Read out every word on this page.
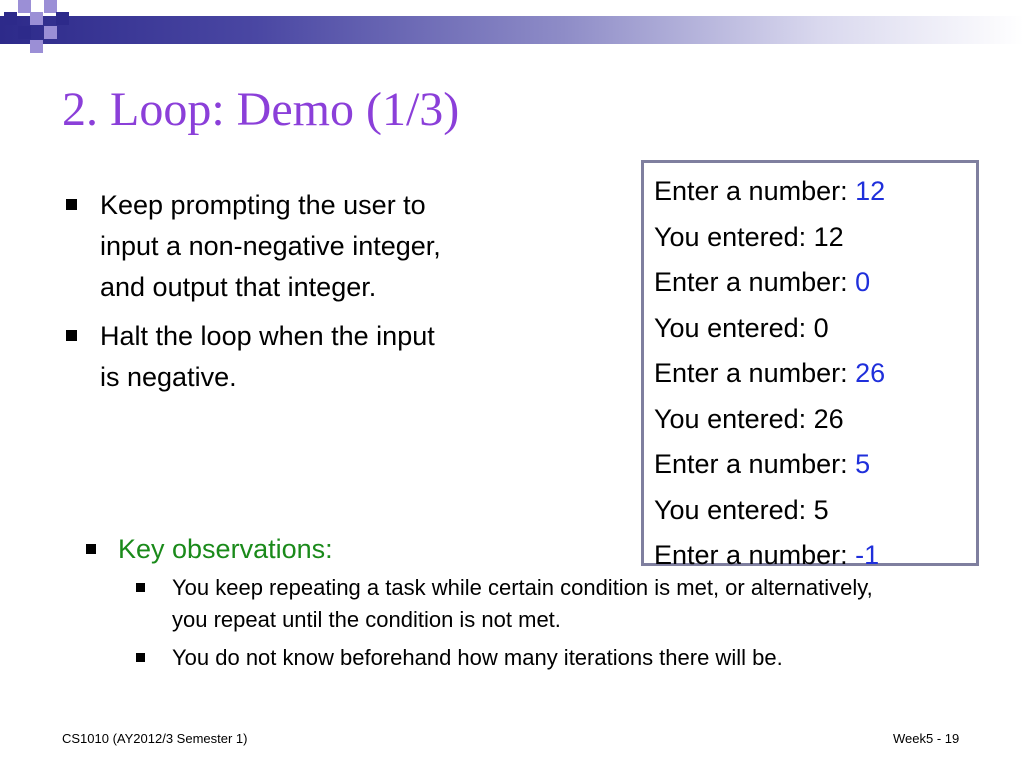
2. Loop: Demo (1/3)
Keep prompting the user to input a non-negative integer, and output that integer.
Halt the loop when the input is negative.
Enter a number: 12
You entered: 12
Enter a number: 0
You entered: 0
Enter a number: 26
You entered: 26
Enter a number: 5
You entered: 5
Enter a number: -1
Key observations:
You keep repeating a task while certain condition is met, or alternatively, you repeat until the condition is not met.
You do not know beforehand how many iterations there will be.
CS1010 (AY2012/3 Semester 1)	Week5 - 19
